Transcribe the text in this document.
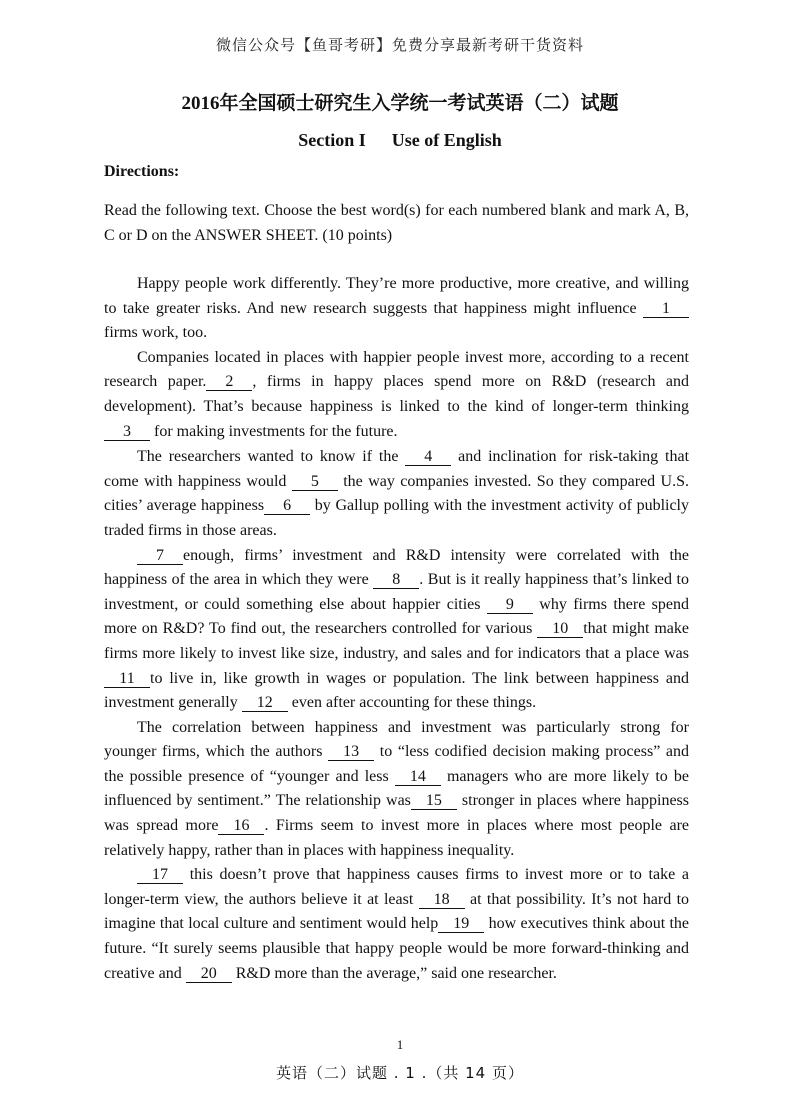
微信公众号【鱼哥考研】免费分享最新考研干货资料
2016年全国硕士研究生入学统一考试英语（二）试题
Section I Use of English
Directions:
Read the following text. Choose the best word(s) for each numbered blank and mark A, B, C or D on the ANSWER SHEET. (10 points)

Happy people work differently. They’re more productive, more creative, and willing to take greater risks. And new research suggests that happiness might influence 1 firms work, too.

Companies located in places with happier people invest more, according to a recent research paper. 2 , firms in happy places spend more on R&D (research and development). That’s because happiness is linked to the kind of longer-term thinking 3 for making investments for the future.

The researchers wanted to know if the 4 and inclination for risk-taking that come with happiness would 5 the way companies invested. So they compared U.S. cities’ average happiness 6 by Gallup polling with the investment activity of publicly traded firms in those areas.

7 enough, firms’ investment and R&D intensity were correlated with the happiness of the area in which they were 8 . But is it really happiness that’s linked to investment, or could something else about happier cities 9 why firms there spend more on R&D? To find out, the researchers controlled for various 10 that might make firms more likely to invest like size, industry, and sales and for indicators that a place was 11 to live in, like growth in wages or population. The link between happiness and investment generally 12 even after accounting for these things.

The correlation between happiness and investment was particularly strong for younger firms, which the authors 13 to “less codified decision making process” and the possible presence of “younger and less 14 managers who are more likely to be influenced by sentiment.” The relationship was 15 stronger in places where happiness was spread more 16 . Firms seem to invest more in places where most people are relatively happy, rather than in places with happiness inequality.

17 this doesn’t prove that happiness causes firms to invest more or to take a longer-term view, the authors believe it at least 18 at that possibility. It’s not hard to imagine that local culture and sentiment would help 19 how executives think about the future. “It surely seems plausible that happy people would be more forward-thinking and creative and 20 R&D more than the average,” said one researcher.

1
英语（二）试题 . 1 .（共 14 页）
